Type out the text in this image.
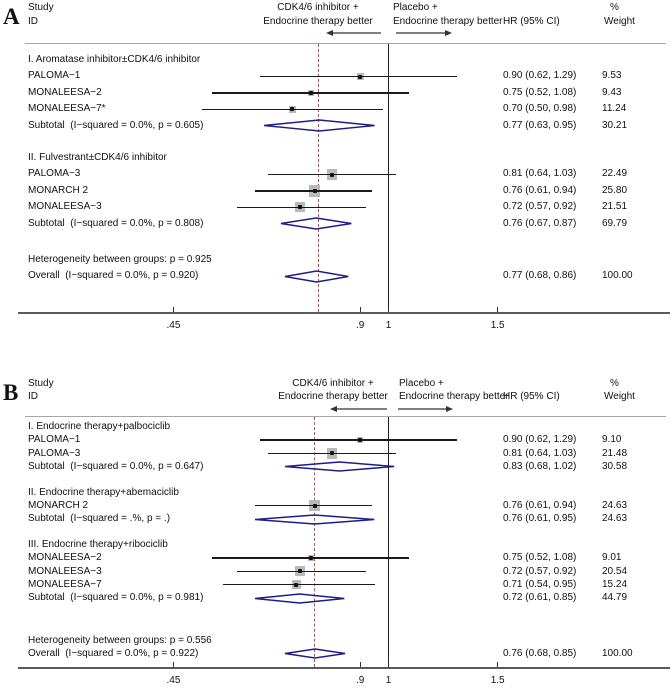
A Study
ID
CDK4/6 inhibitor +
Endocrine therapy better
Placebo +
Endocrine therapy better HR (95% CI)
%
Weight
I. Aromatase inhibitor±CDK4/6 inhibitor
PALOMA−1	0.90 (0.62, 1.29)	9.53
MONALEESA−2	0.75 (0.52, 1.08)	9.43
MONALEESA−7*	0.70 (0.50, 0.98)	11.24
Subtotal  (I−squared = 0.0%, p = 0.605)	0.77 (0.63, 0.95)	30.21
II. Fulvestrant±CDK4/6 inhibitor
PALOMA−3	0.81 (0.64, 1.03)	22.49
MONARCH 2	0.76 (0.61, 0.94)	25.80
MONALEESA−3	0.72 (0.57, 0.92)	21.51
Subtotal  (I−squared = 0.0%, p = 0.808)	0.76 (0.67, 0.87)	69.79
Heterogeneity between groups: p = 0.925
Overall  (I−squared = 0.0%, p = 0.920)	0.77 (0.68, 0.86)	100.00
.45	.9	1	1.5
B Study
ID
CDK4/6 inhibitor +
Endocrine therapy better
Placebo +
Endocrine therapy better
HR (95% CI)
%
Weight
I. Endocrine therapy+palbociclib
PALOMA−1	0.90 (0.62, 1.29)	9.10
PALOMA−3	0.81 (0.64, 1.03)	21.48
Subtotal  (I−squared = 0.0%, p = 0.647)	0.83 (0.68, 1.02)	30.58
II. Endocrine therapy+abemaciclib
MONARCH 2	0.76 (0.61, 0.94)	24.63
Subtotal  (I−squared = .%, p = .)	0.76 (0.61, 0.95)	24.63
III. Endocrine therapy+ribociclib
MONALEESA−2	0.75 (0.52, 1.08)	9.01
MONALEESA−3	0.72 (0.57, 0.92)	20.54
MONALEESA−7	0.71 (0.54, 0.95)	15.24
Subtotal  (I−squared = 0.0%, p = 0.981)	0.72 (0.61, 0.85)	44.79
Heterogeneity between groups: p = 0.556
Overall  (I−squared = 0.0%, p = 0.922)	0.76 (0.68, 0.85)	100.00
.45	.9	1	1.5
